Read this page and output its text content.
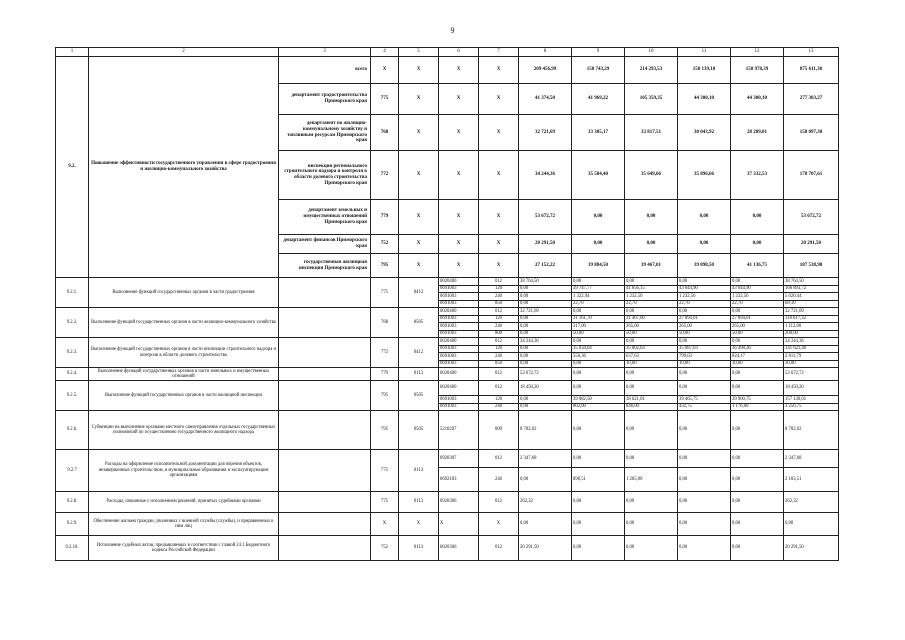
9
1	2	3	4	5	6	7	8	9	10	11	12	13
9.2.	Повышение эффективности государственного управления в сфере градостроения и жилищно-коммунального хозяйства	всего	X	X	X	X	209 456,99	150 743,29	214 293,53	150 139,18	150 978,39	875 611,38
		департамент градостроительства Приморского края	775	X	X	X	41 374,50	41 969,22	105 359,35	44 300,10	44 300,10	277 303,27
		департамент по жилищно-коммунальному хозяйству и топливным ресурсам Приморского края	768	X	X	X	32 721,69	33 305,17	33 817,51	30 043,92	28 209,01	158 097,30
		инспекция регионального строительного надзора и контроля в области долевого строительства Приморского края	772	X	X	X	34 244,36	35 584,40	35 649,66	35 896,66	37 332,53	178 707,61
		департамент земельных и имущественных отношений Приморского края	779	X	X	X	53 672,72	0,00	0,00	0,00	0,00	53 672,72
		департамент финансов Приморского края	752	X	X	X	20 291,50	0,00	0,00	0,00	0,00	20 291,50
		государственная жилищная инспекция Приморского края	795	X	X	X	27 152,22	39 884,50	39 467,01	39 898,50	41 136,75	187 538,98
9.2.1.	Выполнение функций государственных органов в части градостроения		775	0412	0020400	012	38 764,50	0,00	0,00	0,00	0,00	38 764,50
					0691003	120	0,00	39 747,77	41 056,15	43 044,90	43 044,90	166 893,72
					0691003	240	0,00	1 322,94	1 232,50	1 232,50	1 232,50	5 020,44
					0691003	850	0,00	22,70	22,70	22,70	22,70	68,10
9.2.2.	Выполнение функций государственных органов в части жилищно-коммунального хозяйства		768	0505	0020400	012	32 721,69	0,00	0,00	0,00	0,00	32 721,69
					0691003	120	0,00	31 161,70	31 467,60	27 894,01	27 894,01	118 617,32
					0691003	240	0,00	317,00	265,00	265,00	265,00	1 112,00
					0691003	800	0,00	50,00	50,00	50,00	50,00	200,00
9.2.3.	Выполнение функций государственных органов в части инспекции строительного надзора и контроля в области долевого строительства		772	0412	0020400	012	34 244,36	0,00	0,00	0,00	0,00	34 244,36
					0691003	120	0,00	35 034,04	35 002,03	35 087,03	36 498,36	141 621,46
					0691003	240	0,00	550,36	637,63	799,63	824,17	2 811,79
					0691003	850	0,00	0,00	10,00	10,00	10,00	30,00
9.2.4.	Выполнение функций государственных органов в части земельных и имущественных отношений		779	0113	0020400	012	53 672,72	0,00	0,00	0,00	0,00	53 672,72
9.2.5.	Выполнение функций государственных органов в части жилищной инспекции		795	0505	0020400	012	18 450,20	0,00	0,00	0,00	0,00	18 450,20
					0691003	120	0,00	39 082,50	38 621,01	39 465,75	39 960,75	157 130,01
					0691003	240	0,00	802,00	846,00	432,75	1 176,00	3 256,75
9.2.6.	Субвенции на выполнение органами местного самоуправления отдельных государственных полномочий по осуществлению государственного жилищного надзора		795	0505	5210207	009	8 702,02	0,00	0,00	0,00	0,00	8 702,02
9.2.7	Расходы на оформление исполнительной документации для перечня объектов, незавершенных строительством, в муниципальные образования и эксплуатирующим организациям		775	0113	0920307	012	2 347,68	0,00	0,00	0,00	0,00	2 347,68
					0692183	240	0,00	898,51	1 205,00	0,00	0,00	2 103,51
9.2.8.	Расходы, связанные с исполнением решений, принятых судебными органами		775	0113	0920306	012	262,32	0,00	0,00	0,00	0,00	262,32
9.2.9.	Обеспечение жильем граждан, уволенных с военной службы (службы), и приравненных к ним лиц		X	X	X	X	0,00	0,00	0,00	0,00	0,00	0,00
9.2.10.	Исполнение судебных актов, предъявляемых в соответствии с главой 24.1 Бюджетного кодекса Российской Федерации		752	0113	0020306	012	20 291,50	0,00	0,00	0,00	0,00	20 291,50
